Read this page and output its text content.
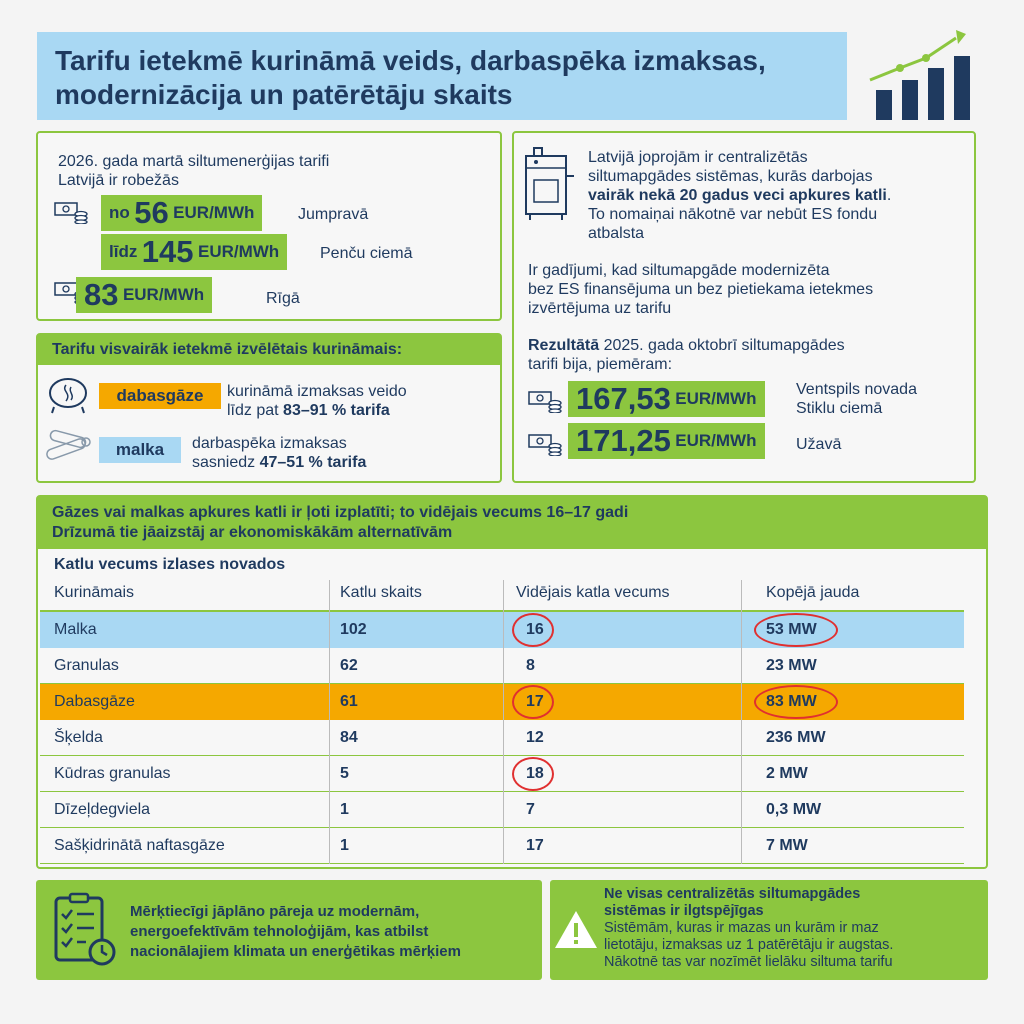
Tarifu ietekmē kurināmā veids, darbaspēka izmaksas,
modernizācija un patērētāju skaits
2026. gada martā siltumenerģijas tarifi
Latvijā ir robežās
no 56 EUR/MWh	Jumpravā
līdz 145 EUR/MWh	Penču ciemā
83 EUR/MWh	Rīgā
Tarifu visvairāk ietekmē izvēlētais kurināmais:
dabasgāze	kurināmā izmaksas veido
līdz pat 83–91 % tarifa
malka	darbaspēka izmaksas
sasniedz 47–51 % tarifa
Latvijā joprojām ir centralizētās
siltumapgādes sistēmas, kurās darbojas
vairāk nekā 20 gadus veci apkures katli.
To nomaiņai nākotnē var nebūt ES fondu
atbalsta
Ir gadījumi, kad siltumapgāde modernizēta
bez ES finansējuma un bez pietiekama ietekmes
izvērtējuma uz tarifu
Rezultātā 2025. gada oktobrī siltumapgādes
tarifi bija, piemēram:
167,53 EUR/MWh	Ventspils novada
Stiklu ciemā
171,25 EUR/MWh	Užavā
Gāzes vai malkas apkures katli ir ļoti izplatīti; to vidējais vecums 16–17 gadi
Drīzumā tie jāaizstāj ar ekonomiskākām alternatīvām
Katlu vecums izlases novados
Kurināmais	Katlu skaits	Vidējais katla vecums	Kopējā jauda
Malka	102	16	53 MW
Granulas	62	8	23 MW
Dabasgāze	61	17	83 MW
Šķelda	84	12	236 MW
Kūdras granulas	5	18	2 MW
Dīzeļdegviela	1	7	0,3 MW
Sašķidrinātā naftasgāze	1	17	7 MW
Mērķtiecīgi jāplāno pāreja uz modernām,
energoefektīvām tehnoloģijām, kas atbilst
nacionālajiem klimata un enerģētikas mērķiem
Ne visas centralizētās siltumapgādes
sistēmas ir ilgtspējīgas
Sistēmām, kuras ir mazas un kurām ir maz
lietotāju, izmaksas uz 1 patērētāju ir augstas.
Nākotnē tas var nozīmēt lielāku siltuma tarifu
